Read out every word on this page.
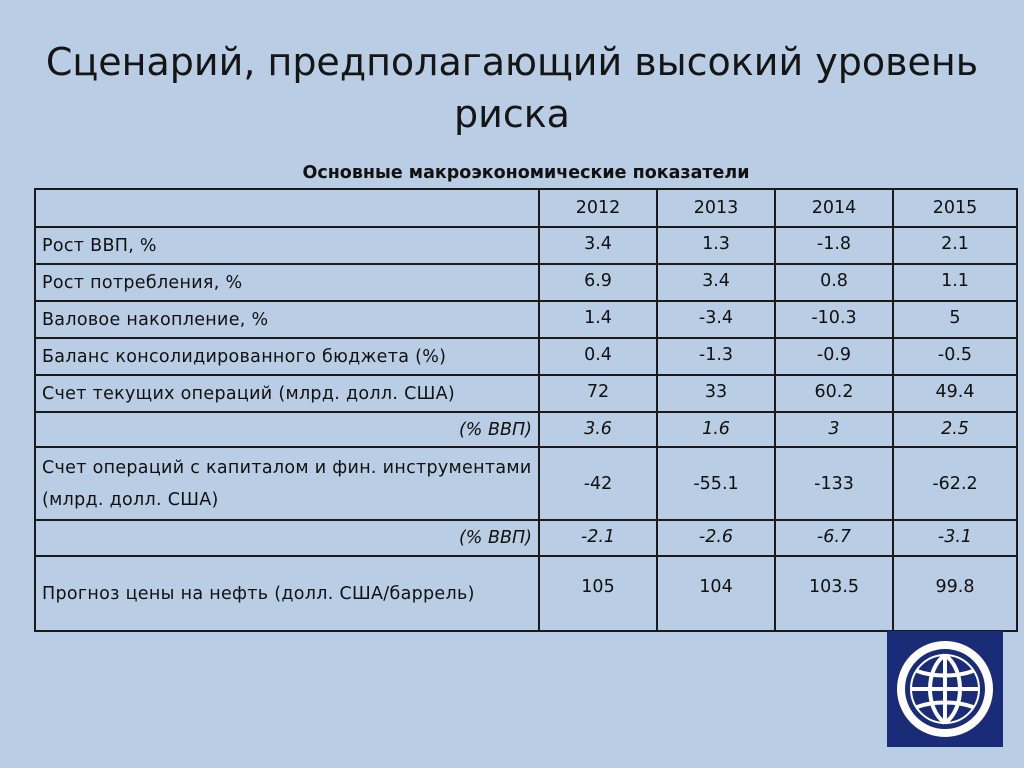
Сценарий, предполагающий высокий уровень риска
Основные макроэкономические показатели
	2012	2013	2014	2015
Рост ВВП, %	3.4	1.3	-1.8	2.1
Рост потребления, %	6.9	3.4	0.8	1.1
Валовое накопление, %	1.4	-3.4	-10.3	5
Баланс консолидированного бюджета (%)	0.4	-1.3	-0.9	-0.5
Счет текущих операций (млрд. долл. США)	72	33	60.2	49.4
(% ВВП)	3.6	1.6	3	2.5
Счет операций с капиталом и фин. инструментами (млрд. долл. США)	-42	-55.1	-133	-62.2
(% ВВП)	-2.1	-2.6	-6.7	-3.1
Прогноз цены на нефть (долл. США/баррель)	105	104	103.5	99.8
